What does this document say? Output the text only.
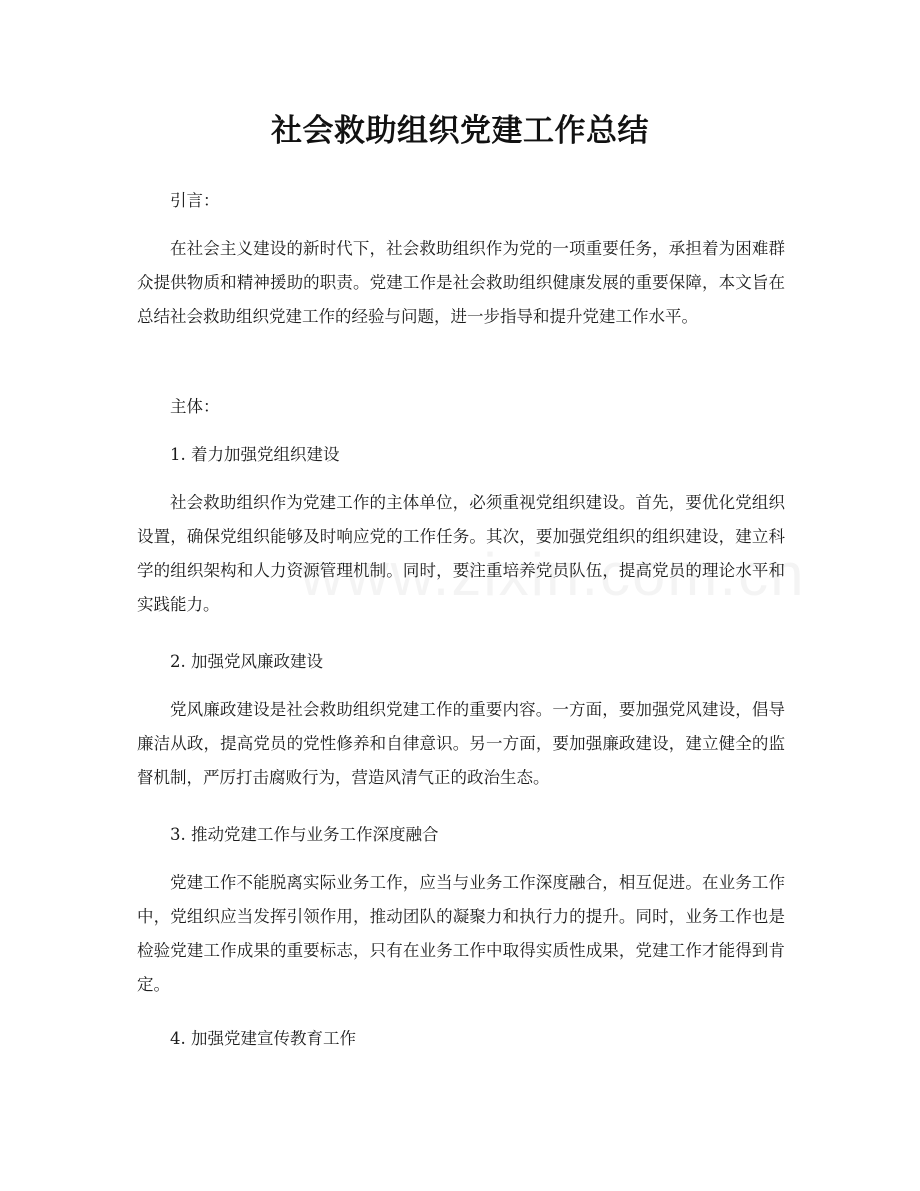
社会救助组织党建工作总结

引言：

在社会主义建设的新时代下，社会救助组织作为党的一项重要任务，承担着为困难群众提供物质和精神援助的职责。党建工作是社会救助组织健康发展的重要保障，本文旨在总结社会救助组织党建工作的经验与问题，进一步指导和提升党建工作水平。

主体：

1. 着力加强党组织建设

社会救助组织作为党建工作的主体单位，必须重视党组织建设。首先，要优化党组织设置，确保党组织能够及时响应党的工作任务。其次，要加强党组织的组织建设，建立科学的组织架构和人力资源管理机制。同时，要注重培养党员队伍，提高党员的理论水平和实践能力。

2. 加强党风廉政建设

党风廉政建设是社会救助组织党建工作的重要内容。一方面，要加强党风建设，倡导廉洁从政，提高党员的党性修养和自律意识。另一方面，要加强廉政建设，建立健全的监督机制，严厉打击腐败行为，营造风清气正的政治生态。

3. 推动党建工作与业务工作深度融合

党建工作不能脱离实际业务工作，应当与业务工作深度融合，相互促进。在业务工作中，党组织应当发挥引领作用，推动团队的凝聚力和执行力的提升。同时，业务工作也是检验党建工作成果的重要标志，只有在业务工作中取得实质性成果，党建工作才能得到肯定。

4. 加强党建宣传教育工作
